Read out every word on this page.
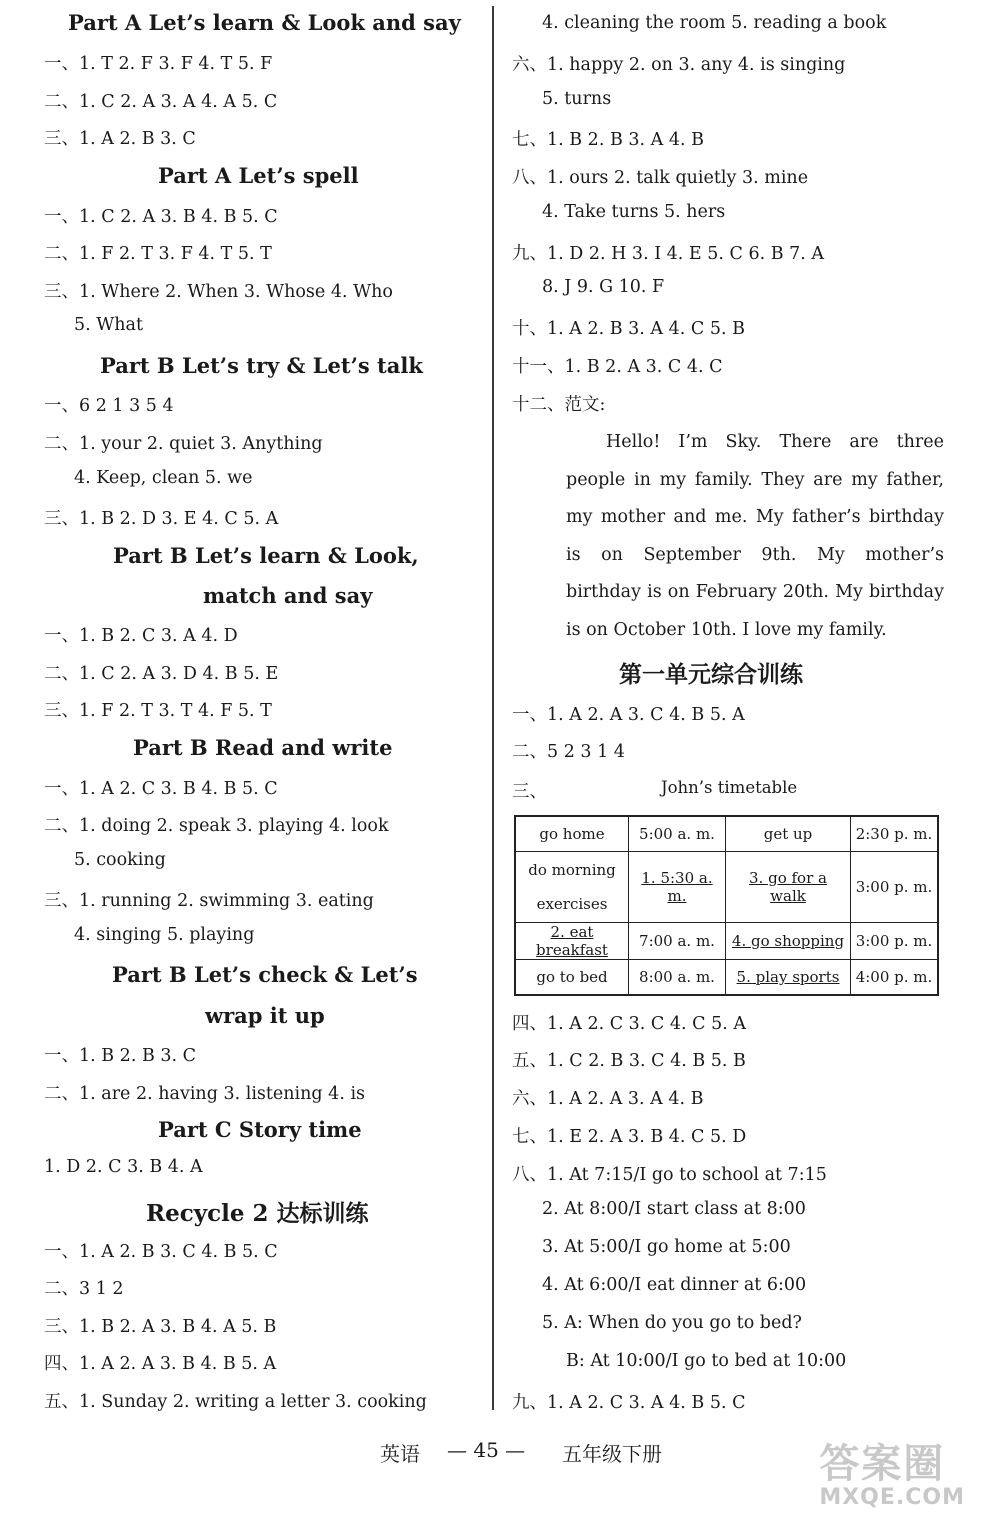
Part A Let’s learn & Look and say
一、1. T 2. F 3. F 4. T 5. F
二、1. C 2. A 3. A 4. A 5. C
三、1. A 2. B 3. C
Part A Let’s spell
一、1. C 2. A 3. B 4. B 5. C
二、1. F 2. T 3. F 4. T 5. T
三、1. Where 2. When 3. Whose 4. Who
5. What
Part B Let’s try & Let’s talk
一、6 2 1 3 5 4
二、1. your 2. quiet 3. Anything
4. Keep, clean 5. we
三、1. B 2. D 3. E 4. C 5. A
Part B Let’s learn & Look,
match and say
一、1. B 2. C 3. A 4. D
二、1. C 2. A 3. D 4. B 5. E
三、1. F 2. T 3. T 4. F 5. T
Part B Read and write
一、1. A 2. C 3. B 4. B 5. C
二、1. doing 2. speak 3. playing 4. look
5. cooking
三、1. running 2. swimming 3. eating
4. singing 5. playing
Part B Let’s check & Let’s
wrap it up
一、1. B 2. B 3. C
二、1. are 2. having 3. listening 4. is
Part C Story time
1. D 2. C 3. B 4. A
Recycle 2 达标训练
一、1. A 2. B 3. C 4. B 5. C
二、3 1 2
三、1. B 2. A 3. B 4. A 5. B
四、1. A 2. A 3. B 4. B 5. A
五、1. Sunday 2. writing a letter 3. cooking
4. cleaning the room 5. reading a book
六、1. happy 2. on 3. any 4. is singing
5. turns
七、1. B 2. B 3. A 4. B
八、1. ours 2. talk quietly 3. mine
4. Take turns 5. hers
九、1. D 2. H 3. I 4. E 5. C 6. B 7. A
8. J 9. G 10. F
十、1. A 2. B 3. A 4. C 5. B
十一、1. B 2. A 3. C 4. C
十二、范文:

Hello! I’m Sky. There are three people in my family. They are my father, my mother and me. My father’s birthday is on September 9th. My mother’s birthday is on February 20th. My birthday is on October 10th. I love my family.

第一单元综合训练
一、1. A 2. A 3. C 4. B 5. A
二、5 2 3 1 4
三、	John’s timetable
go home	5:00 a. m.	get up	2:30 p. m.
do morning exercises	1. 5:30 a. m.	3. go for a walk	3:00 p. m.
2. eat breakfast	7:00 a. m.	4. go shopping	3:00 p. m.
go to bed	8:00 a. m.	5. play sports	4:00 p. m.
四、1. A 2. C 3. C 4. C 5. A
五、1. C 2. B 3. C 4. B 5. B
六、1. A 2. A 3. A 4. B
七、1. E 2. A 3. B 4. C 5. D
八、1. At 7:15/I go to school at 7:15
2. At 8:00/I start class at 8:00
3. At 5:00/I go home at 5:00
4. At 6:00/I eat dinner at 6:00
5. A: When do you go to bed?
B: At 10:00/I go to bed at 10:00
九、1. A 2. C 3. A 4. B 5. C
英语 — 45 — 五年级下册	答案圈
MXQE.COM
